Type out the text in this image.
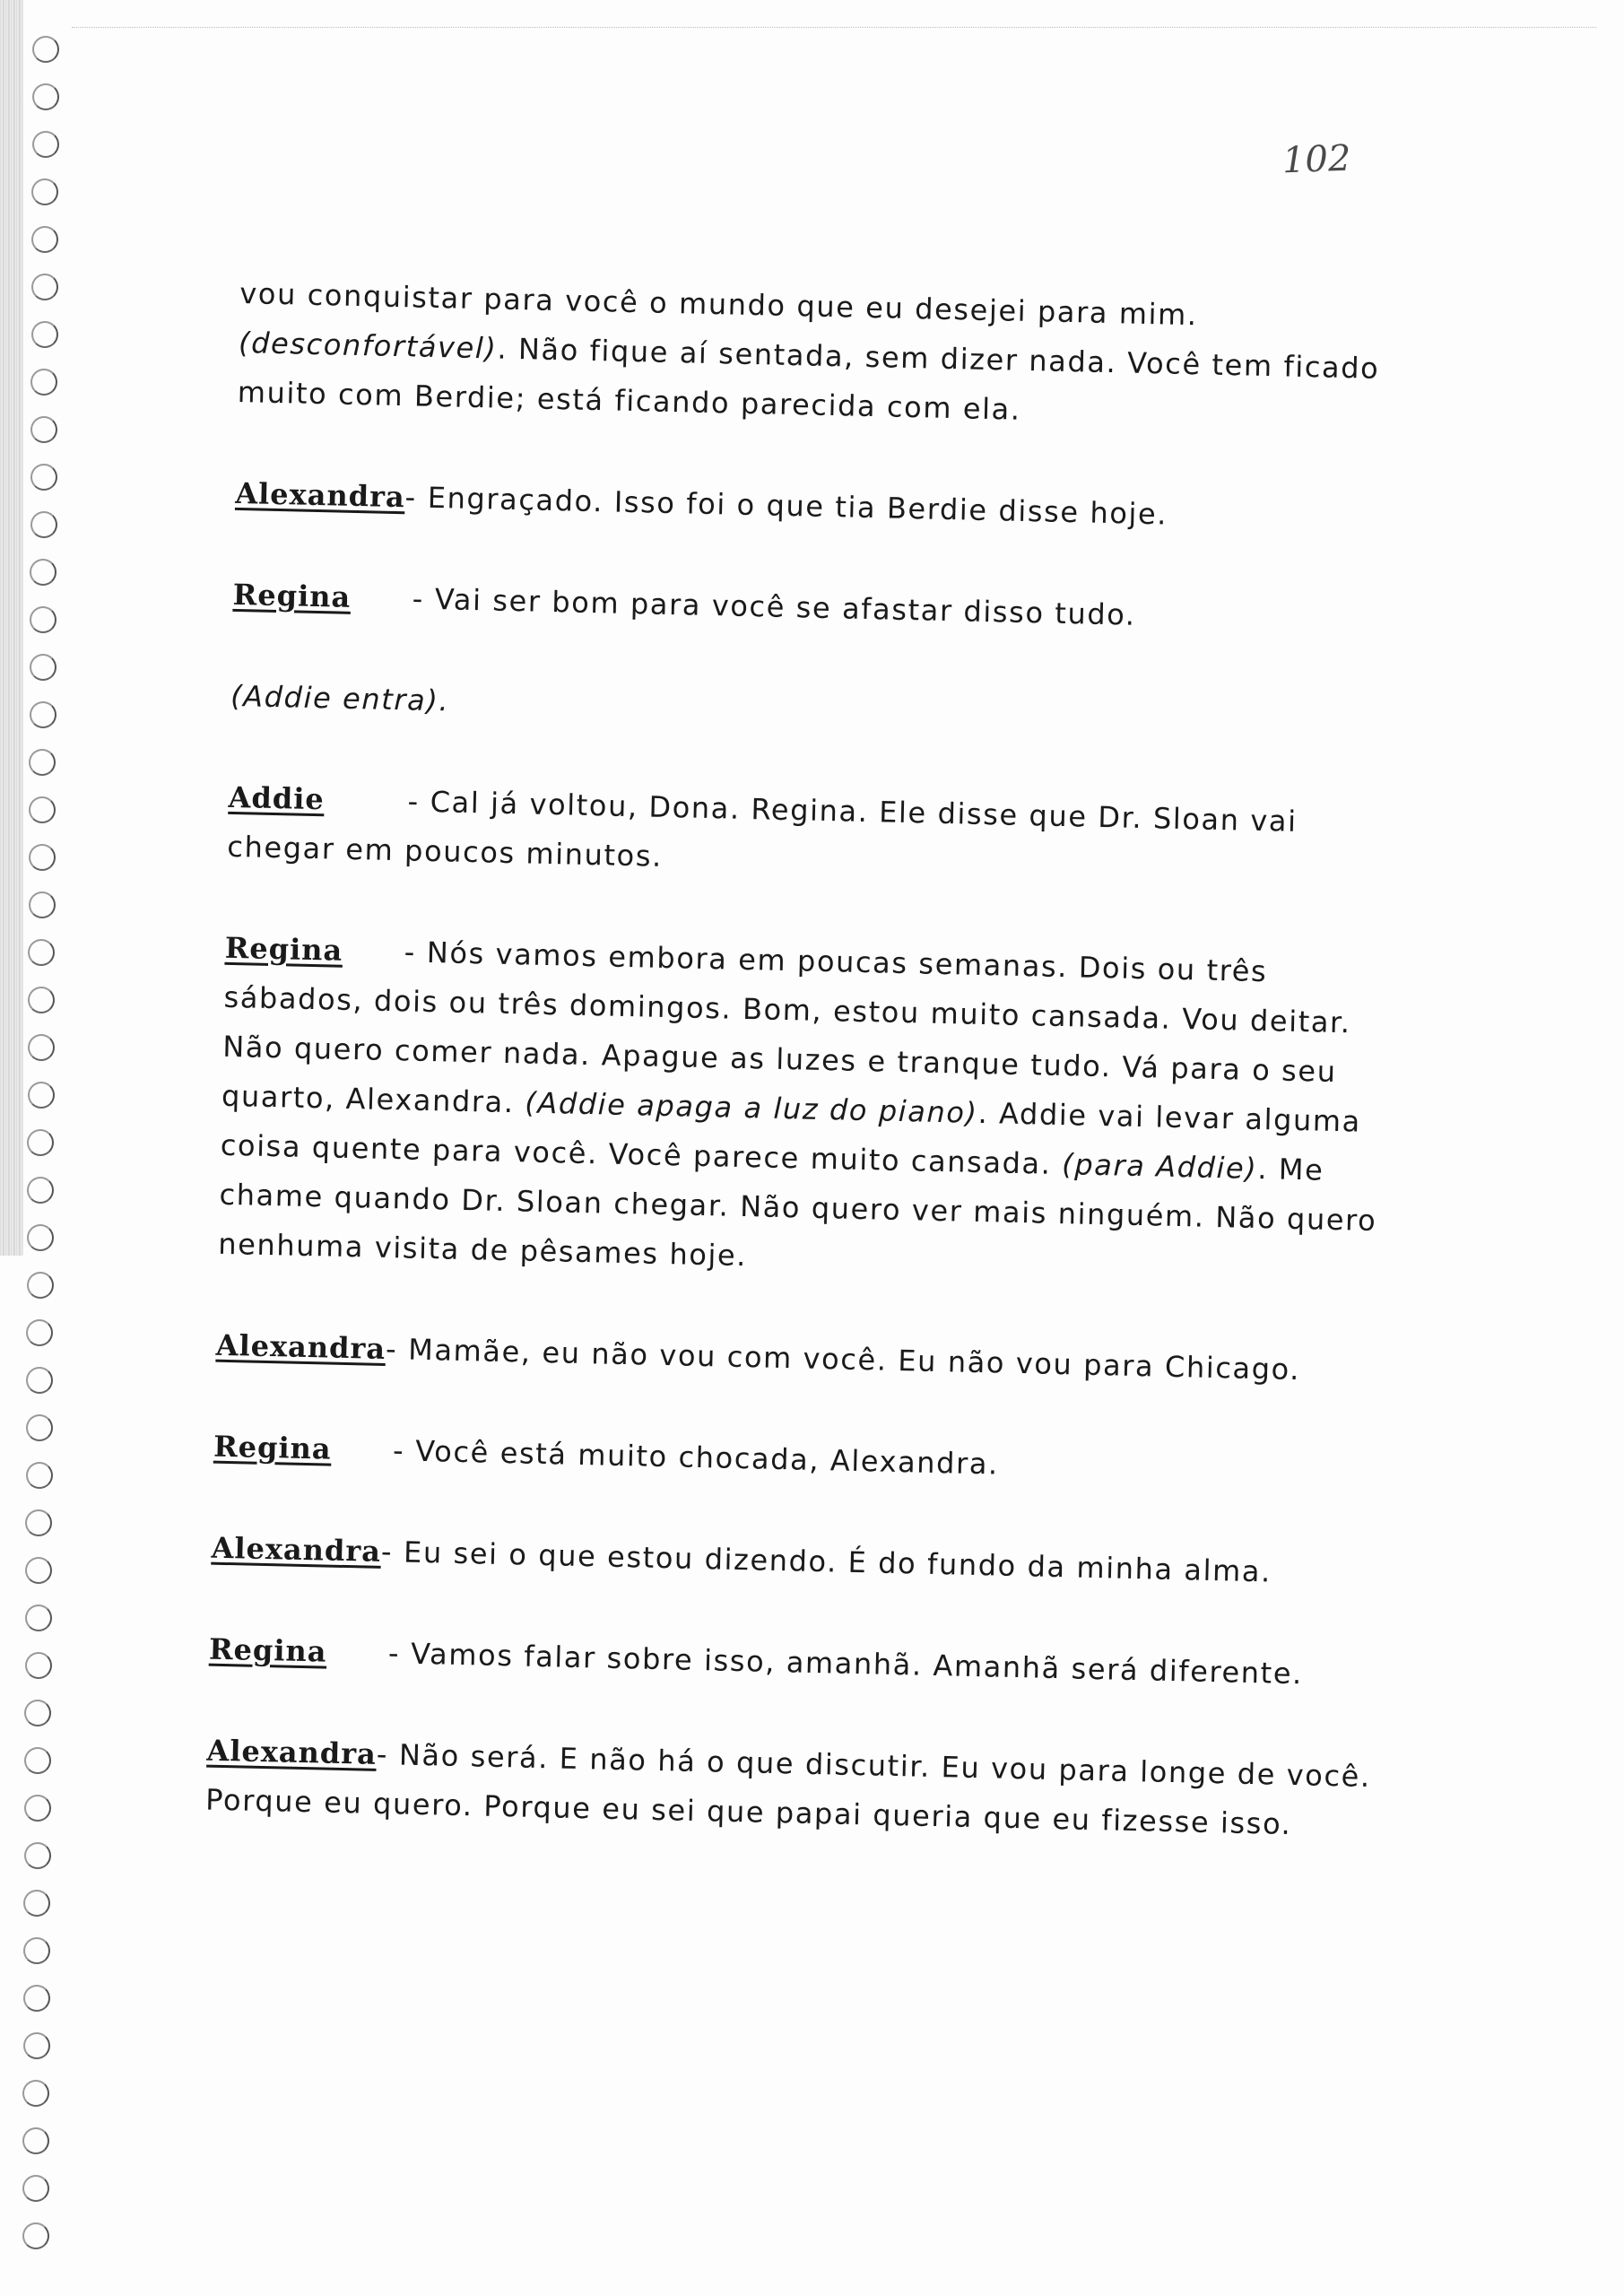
102

vou conquistar para você o mundo que eu desejei para mim. (desconfortável). Não fique aí sentada, sem dizer nada. Você tem ficado muito com Berdie; está ficando parecida com ela.

Alexandra- Engraçado. Isso foi o que tia Berdie disse hoje.

Regina - Vai ser bom para você se afastar disso tudo.

(Addie entra).

Addie	- Cal já voltou, Dona. Regina. Ele disse que Dr. Sloan vai chegar em poucos minutos.

Regina - Nós vamos embora em poucas semanas. Dois ou três sábados, dois ou três domingos. Bom, estou muito cansada. Vou deitar. Não quero comer nada. Apague as luzes e tranque tudo. Vá para o seu quarto, Alexandra. (Addie apaga a luz do piano). Addie vai levar alguma coisa quente para você. Você parece muito cansada. (para Addie). Me chame quando Dr. Sloan chegar. Não quero ver mais ninguém. Não quero nenhuma visita de pêsames hoje.

Alexandra- Mamãe, eu não vou com você. Eu não vou para Chicago.

Regina - Você está muito chocada, Alexandra.

Alexandra- Eu sei o que estou dizendo. É do fundo da minha alma.

Regina - Vamos falar sobre isso, amanhã. Amanhã será diferente.

Alexandra- Não será. E não há o que discutir. Eu vou para longe de você. Porque eu quero. Porque eu sei que papai queria que eu fizesse isso.
